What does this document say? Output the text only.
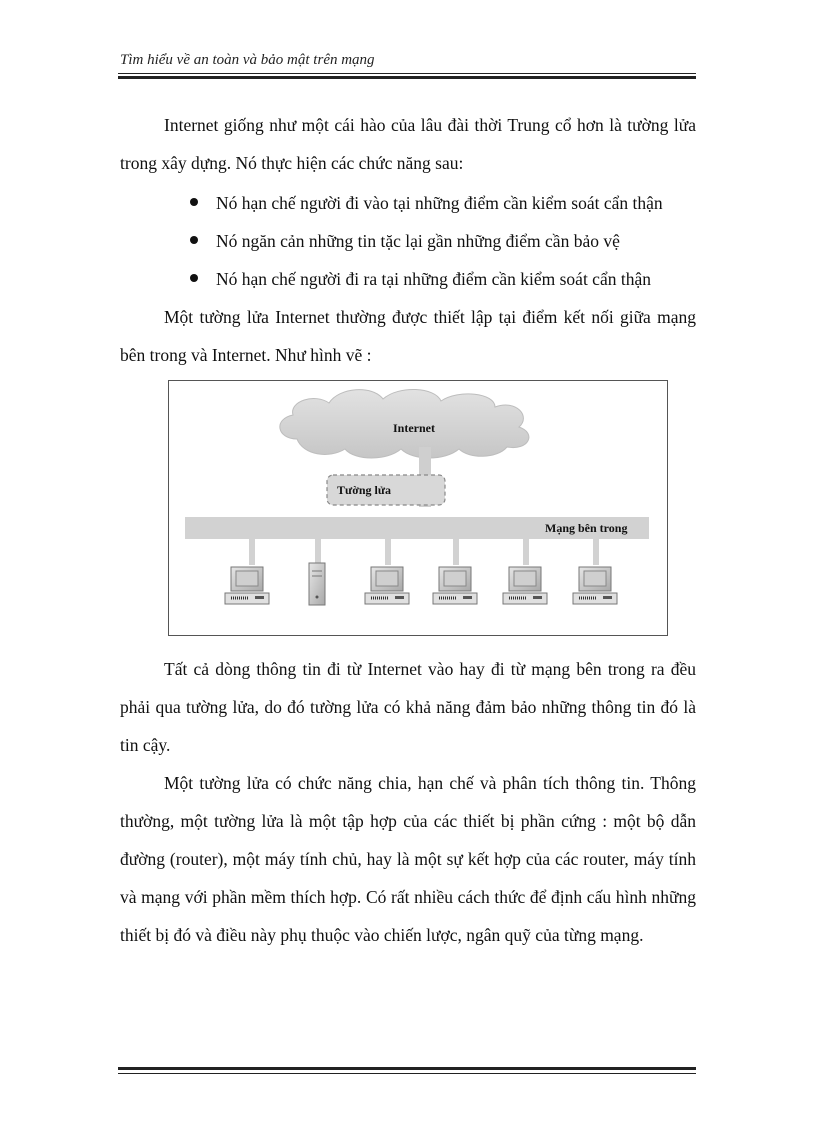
Tìm hiểu về an toàn và bảo mật trên mạng

Internet giống như một cái hào của lâu đài thời Trung cổ hơn là tường lửa trong xây dựng. Nó thực hiện các chức năng sau:

Nó hạn chế người đi vào tại những điểm cần kiểm soát cẩn thận
Nó ngăn cản những tin tặc lại gần những điểm cần bảo vệ
Nó hạn chế người đi ra tại những điểm cần kiểm soát cẩn thận

Một tường lửa Internet thường được thiết lập tại điểm kết nối giữa mạng bên trong và Internet. Như hình vẽ :

Internet
Tường lửa
Mạng bên trong

Tất cả dòng thông tin đi từ Internet vào hay đi từ mạng bên trong ra đều phải qua tường lửa, do đó tường lửa có khả năng đảm bảo những thông tin đó là tin cậy.

Một tường lửa có chức năng chia, hạn chế và phân tích thông tin. Thông thường, một tường lửa là một tập hợp của các thiết bị phần cứng : một bộ dẫn đường (router), một máy tính chủ, hay là một sự kết hợp của các router, máy tính và mạng với phần mềm thích hợp. Có rất nhiều cách thức để định cấu hình những thiết bị đó và điều này phụ thuộc vào chiến lược, ngân quỹ của từng mạng.
